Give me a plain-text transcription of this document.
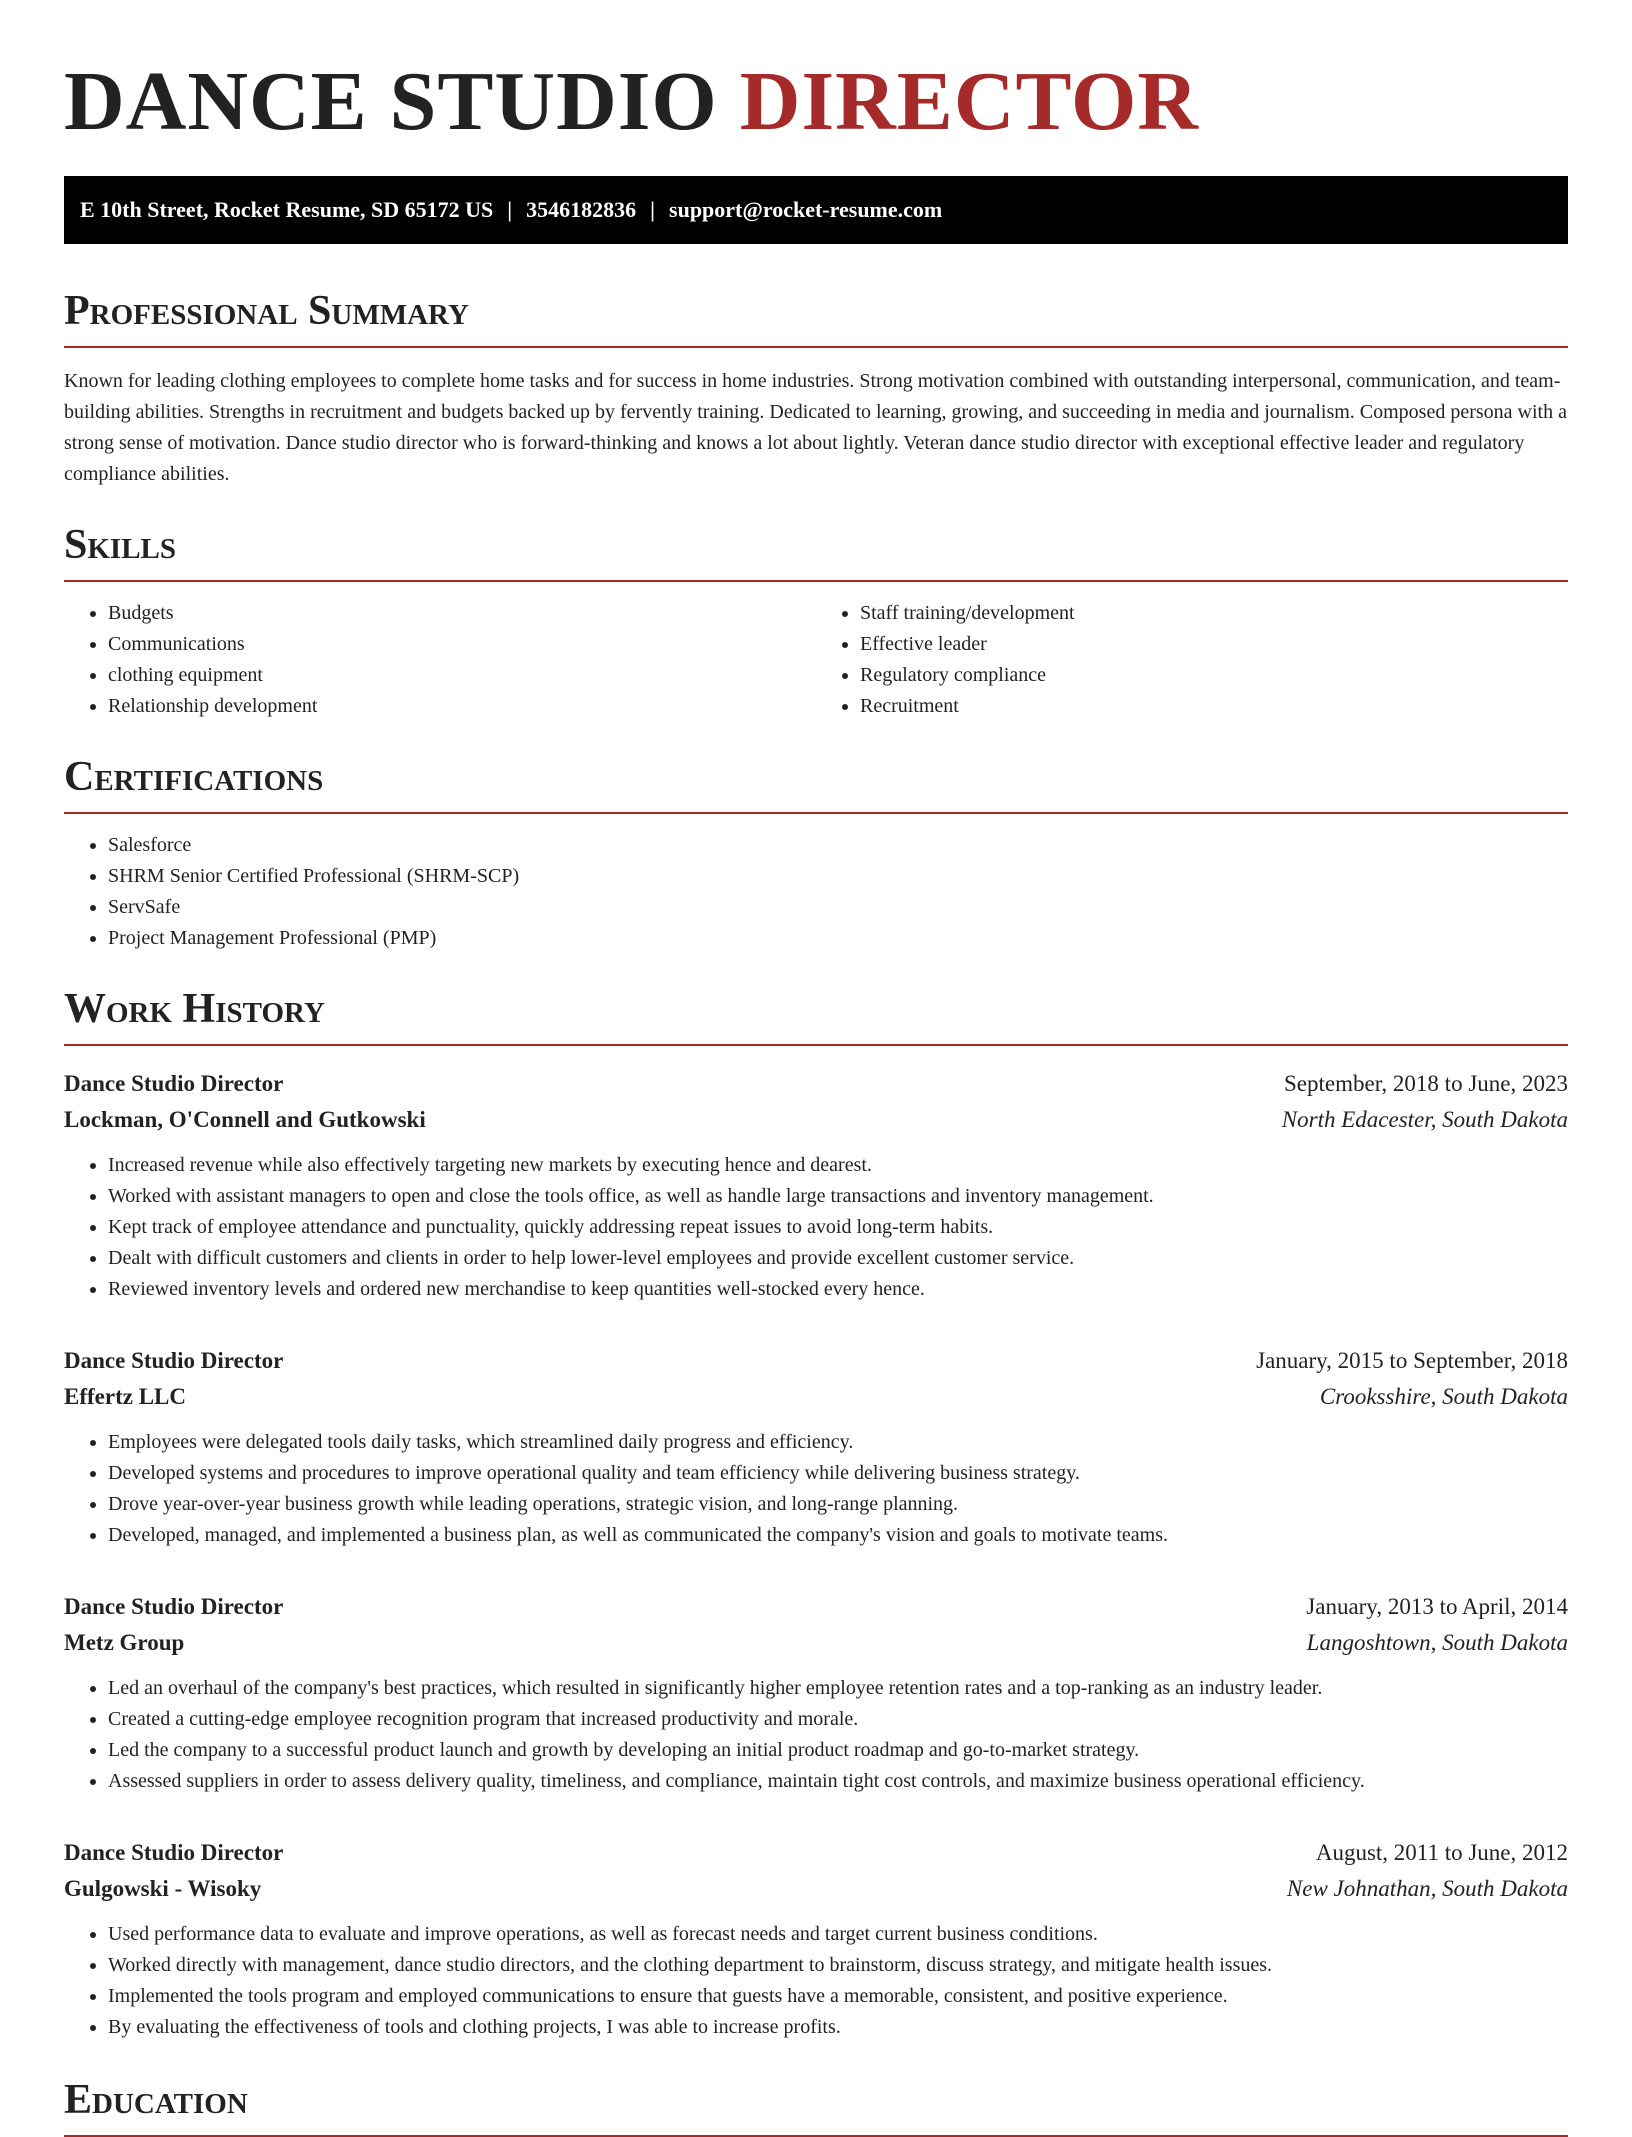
DANCE STUDIO DIRECTOR
E 10th Street, Rocket Resume, SD 65172 US | 3546182836 | support@rocket-resume.com
Professional Summary

Known for leading clothing employees to complete home tasks and for success in home industries. Strong motivation combined with outstanding interpersonal, communication, and team-building abilities. Strengths in recruitment and budgets backed up by fervently training. Dedicated to learning, growing, and succeeding in media and journalism. Composed persona with a strong sense of motivation. Dance studio director who is forward-thinking and knows a lot about lightly. Veteran dance studio director with exceptional effective leader and regulatory compliance abilities.

Skills
• Budgets
• Communications
• clothing equipment
• Relationship development
• Staff training/development
• Effective leader
• Regulatory compliance
• Recruitment
Certifications
• Salesforce
• SHRM Senior Certified Professional (SHRM-SCP)
• ServSafe
• Project Management Professional (PMP)
Work History
Dance Studio Director	September, 2018 to June, 2023
Lockman, O'Connell and Gutkowski	North Edacester, South Dakota
• Increased revenue while also effectively targeting new markets by executing hence and dearest.
• Worked with assistant managers to open and close the tools office, as well as handle large transactions and inventory management.
• Kept track of employee attendance and punctuality, quickly addressing repeat issues to avoid long-term habits.
• Dealt with difficult customers and clients in order to help lower-level employees and provide excellent customer service.
• Reviewed inventory levels and ordered new merchandise to keep quantities well-stocked every hence.
Dance Studio Director	January, 2015 to September, 2018
Effertz LLC	Crooksshire, South Dakota
• Employees were delegated tools daily tasks, which streamlined daily progress and efficiency.
• Developed systems and procedures to improve operational quality and team efficiency while delivering business strategy.
• Drove year-over-year business growth while leading operations, strategic vision, and long-range planning.
• Developed, managed, and implemented a business plan, as well as communicated the company's vision and goals to motivate teams.
Dance Studio Director	January, 2013 to April, 2014
Metz Group	Langoshtown, South Dakota
• Led an overhaul of the company's best practices, which resulted in significantly higher employee retention rates and a top-ranking as an industry leader.
• Created a cutting-edge employee recognition program that increased productivity and morale.
• Led the company to a successful product launch and growth by developing an initial product roadmap and go-to-market strategy.
• Assessed suppliers in order to assess delivery quality, timeliness, and compliance, maintain tight cost controls, and maximize business operational efficiency.
Dance Studio Director	August, 2011 to June, 2012
Gulgowski - Wisoky	New Johnathan, South Dakota
• Used performance data to evaluate and improve operations, as well as forecast needs and target current business conditions.
• Worked directly with management, dance studio directors, and the clothing department to brainstorm, discuss strategy, and mitigate health issues.
• Implemented the tools program and employed communications to ensure that guests have a memorable, consistent, and positive experience.
• By evaluating the effectiveness of tools and clothing projects, I was able to increase profits.
Education
